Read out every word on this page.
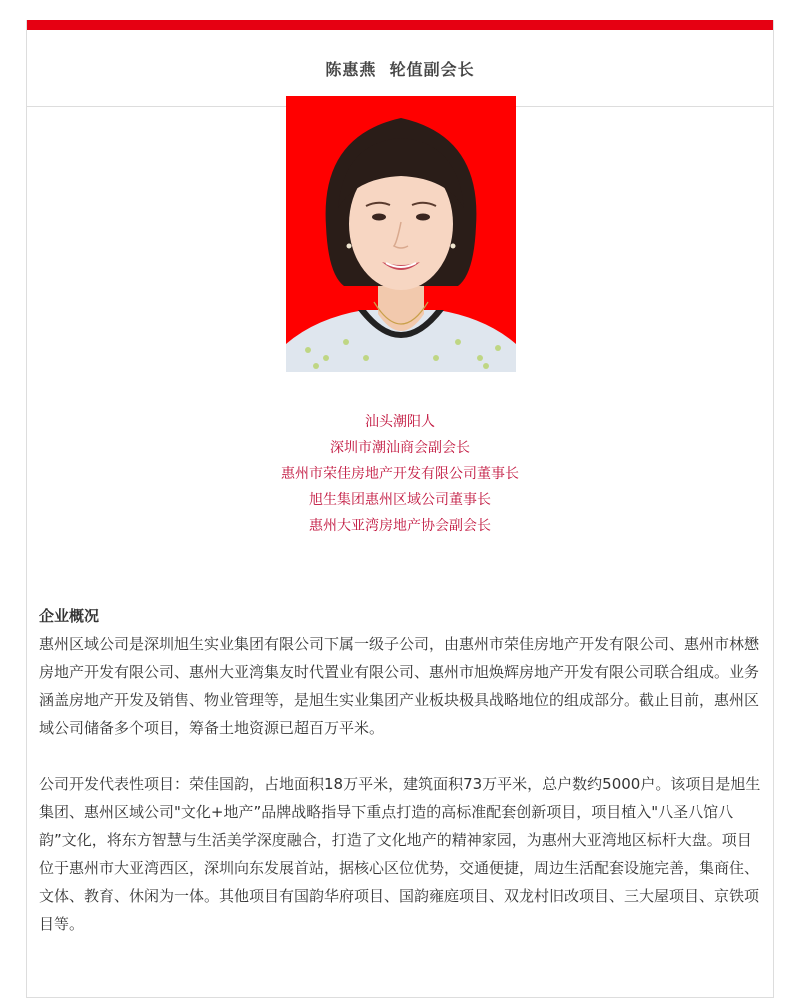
陈惠燕 轮值副会长
汕头潮阳人
深圳市潮汕商会副会长
惠州市荣佳房地产开发有限公司董事长
旭生集团惠州区域公司董事长
惠州大亚湾房地产协会副会长
企业概况

惠州区域公司是深圳旭生实业集团有限公司下属一级子公司，由惠州市荣佳房地产开发有限公司、惠州市林懋房地产开发有限公司、惠州大亚湾集友时代置业有限公司、惠州市旭焕辉房地产开发有限公司联合组成。业务涵盖房地产开发及销售、物业管理等，是旭生实业集团产业板块极具战略地位的组成部分。截止目前，惠州区域公司储备多个项目，筹备土地资源已超百万平米。

公司开发代表性项目：荣佳国韵，占地面积18万平米，建筑面积73万平米，总户数约5000户。该项目是旭生集团、惠州区域公司"文化+地产”品牌战略指导下重点打造的高标准配套创新项目，项目植入"八圣八馆八韵”文化，将东方智慧与生活美学深度融合，打造了文化地产的精神家园，为惠州大亚湾地区标杆大盘。项目位于惠州市大亚湾西区，深圳向东发展首站，据核心区位优势，交通便捷，周边生活配套设施完善，集商住、文体、教育、休闲为一体。其他项目有国韵华府项目、国韵雍庭项目、双龙村旧改项目、三大屋项目、京铁项目等。
